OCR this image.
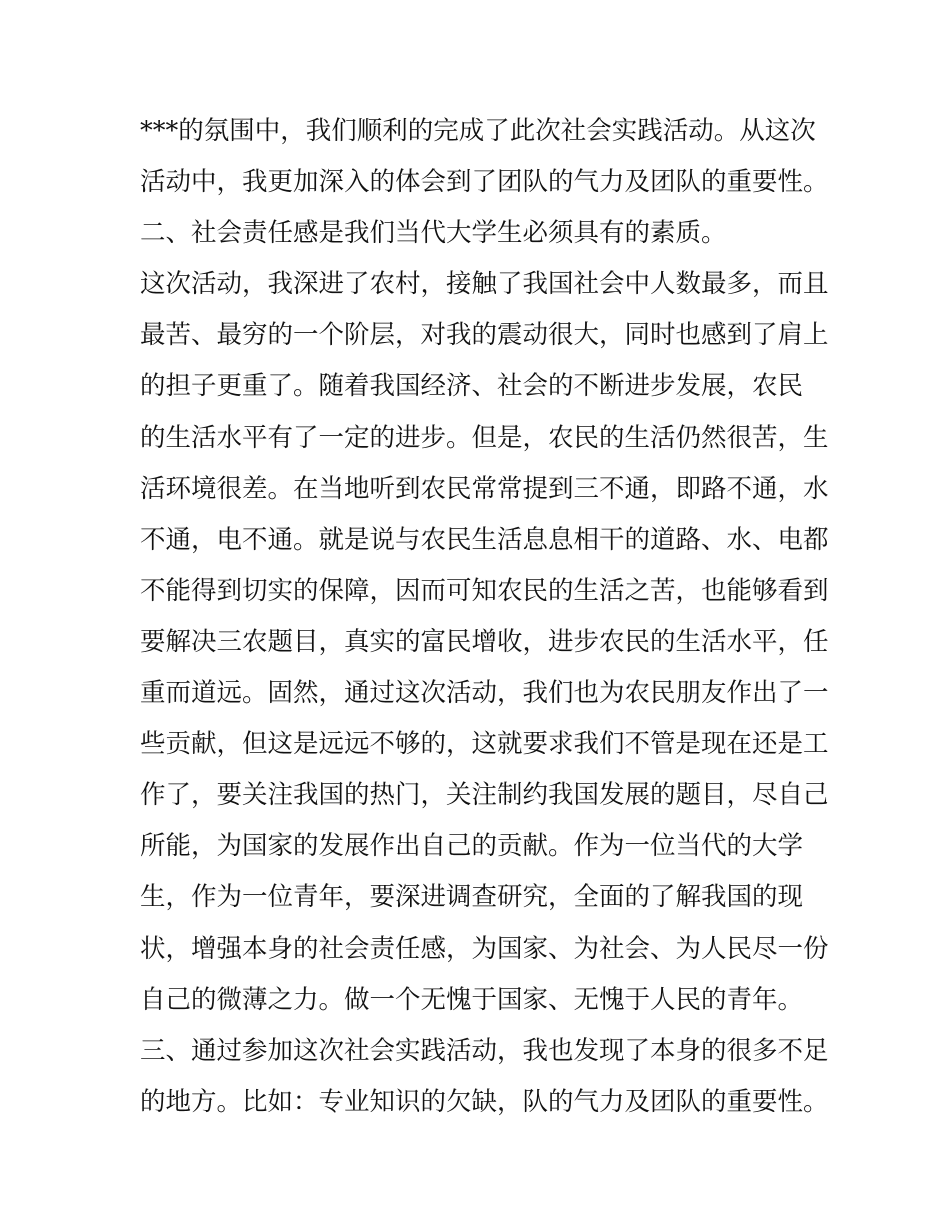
***的氛围中，我们顺利的完成了此次社会实践活动。从这次
活动中，我更加深入的体会到了团队的气力及团队的重要性。
二、社会责任感是我们当代大学生必须具有的素质。
这次活动，我深进了农村，接触了我国社会中人数最多，而且
最苦、最穷的一个阶层，对我的震动很大，同时也感到了肩上
的担子更重了。随着我国经济、社会的不断进步发展，农民
的生活水平有了一定的进步。但是，农民的生活仍然很苦，生
活环境很差。在当地听到农民常常提到三不通，即路不通，水
不通，电不通。就是说与农民生活息息相干的道路、水、电都
不能得到切实的保障，因而可知农民的生活之苦，也能够看到
要解决三农题目，真实的富民增收，进步农民的生活水平，任
重而道远。固然，通过这次活动，我们也为农民朋友作出了一
些贡献，但这是远远不够的，这就要求我们不管是现在还是工
作了，要关注我国的热门，关注制约我国发展的题目，尽自己
所能，为国家的发展作出自己的贡献。作为一位当代的大学
生，作为一位青年，要深进调查研究，全面的了解我国的现
状，增强本身的社会责任感，为国家、为社会、为人民尽一份
自己的微薄之力。做一个无愧于国家、无愧于人民的青年。
三、通过参加这次社会实践活动，我也发现了本身的很多不足
的地方。比如：专业知识的欠缺，队的气力及团队的重要性。
